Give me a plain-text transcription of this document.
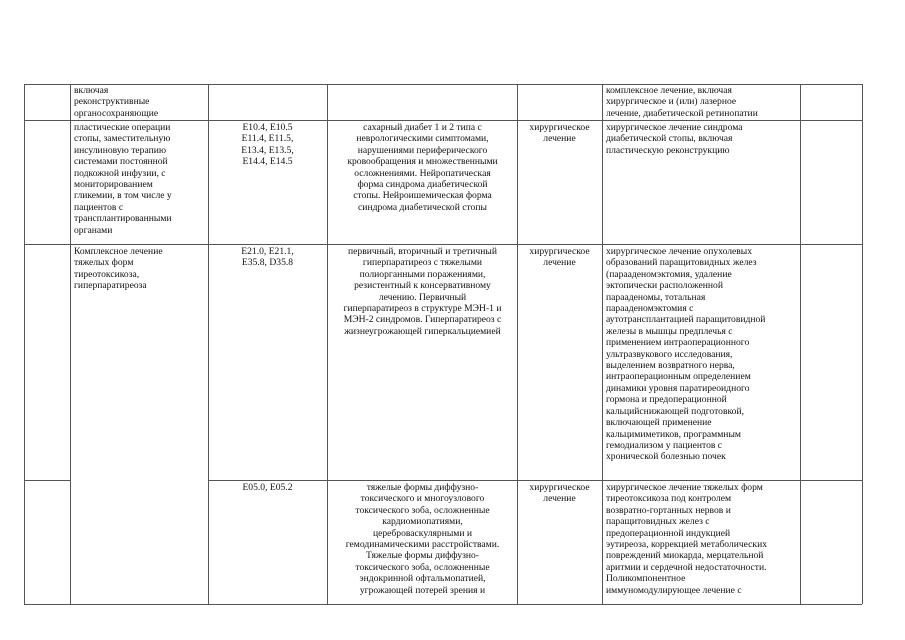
включая
реконструктивные
органосохраняющие
комплексное лечение, включая
хирургическое и (или) лазерное
лечение, диабетической ретинопатии
пластические операции
стопы, заместительную
инсулиновую терапию
системами постоянной
подкожной инфузии, с
мониторированием
гликемии, в том числе у
пациентов с
трансплантированными
органами
E10.4, E10.5
E11.4, E11.5,
E13.4, E13.5,
E14.4, E14.5
сахарный диабет 1 и 2 типа с
неврологическими симптомами,
нарушениями периферического
кровообращения и множественными
осложнениями. Нейропатическая
форма синдрома диабетической
стопы. Нейроишемическая форма
синдрома диабетической стопы
хирургическое
лечение
хирургическое лечение синдрома
диабетической стопы, включая
пластическую реконструкцию
Комплексное лечение
тяжелых форм
тиреотоксикоза,
гиперпаратиреоза
E21.0, E21.1,
E35.8, D35.8
первичный, вторичный и третичный
гиперпаратиреоз с тяжелыми
полиорганными поражениями,
резистентный к консервативному
лечению. Первичный
гиперпаратиреоз в структуре МЭН-1 и
МЭН-2 синдромов. Гиперпаратиреоз с
жизнеугрожающей гиперкальциемией
хирургическое
лечение
хирургическое лечение опухолевых
образований паращитовидных желез
(парааденомэктомия, удаление
эктопически расположенной
парааденомы, тотальная
парааденомэктомия с
аутотрансплантацией паращитовидной
железы в мышцы предплечья с
применением интраоперационного
ультразвукового исследования,
выделением возвратного нерва,
интраоперационным определением
динамики уровня паратиреоидного
гормона и предоперационной
кальцийснижающей подготовкой,
включающей применение
кальцимиметиков, программным
гемодиализом у пациентов с
хронической болезнью почек
E05.0, E05.2	тяжелые формы диффузно-
токсического и многоузлового
токсического зоба, осложненные
кардиомиопатиями,
цереброваскулярными и
гемодинамическими расстройствами.
Тяжелые формы диффузно-
токсического зоба, осложненные
эндокринной офтальмопатией,
угрожающей потерей зрения и
хирургическое
лечение
хирургическое лечение тяжелых форм
тиреотоксикоза под контролем
возвратно-гортанных нервов и
паращитовидных желез с
предоперационной индукцией
эутиреоза, коррекцией метаболических
повреждений миокарда, мерцательной
аритмии и сердечной недостаточности.
Поликомпонентное
иммуномодулирующее лечение с
